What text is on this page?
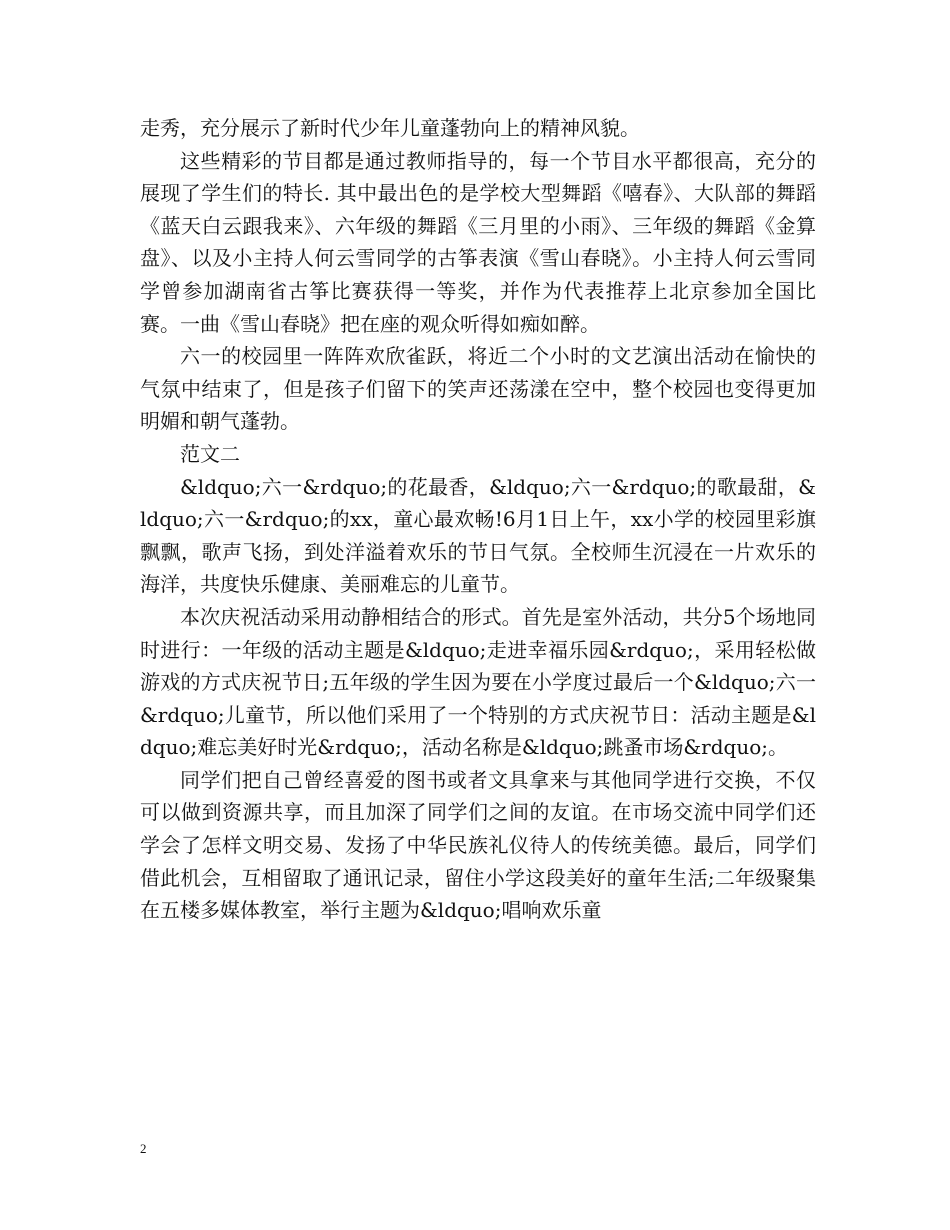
走秀，充分展示了新时代少年儿童蓬勃向上的精神风貌。

这些精彩的节目都是通过教师指导的，每一个节目水平都很高，充分的展现了学生们的特长. 其中最出色的是学校大型舞蹈《嘻春》、大队部的舞蹈《蓝天白云跟我来》、六年级的舞蹈《三月里的小雨》、三年级的舞蹈《金算盘》、以及小主持人何云雪同学的古筝表演《雪山春晓》。小主持人何云雪同学曾参加湖南省古筝比赛获得一等奖，并作为代表推荐上北京参加全国比赛。一曲《雪山春晓》把在座的观众听得如痴如醉。

六一的校园里一阵阵欢欣雀跃，将近二个小时的文艺演出活动在愉快的气氛中结束了，但是孩子们留下的笑声还荡漾在空中，整个校园也变得更加明媚和朝气蓬勃。

范文二

&ldquo;六一&rdquo;的花最香，&ldquo;六一&rdquo;的歌最甜，&ldquo;六一&rdquo;的xx，童心最欢畅!6月1日上午，xx小学的校园里彩旗飘飘，歌声飞扬，到处洋溢着欢乐的节日气氛。全校师生沉浸在一片欢乐的海洋，共度快乐健康、美丽难忘的儿童节。

本次庆祝活动采用动静相结合的形式。首先是室外活动，共分5个场地同时进行：一年级的活动主题是&ldquo;走进幸福乐园&rdquo;，采用轻松做游戏的方式庆祝节日;五年级的学生因为要在小学度过最后一个&ldquo;六一&rdquo;儿童节，所以他们采用了一个特别的方式庆祝节日：活动主题是&ldquo;难忘美好时光&rdquo;，活动名称是&ldquo;跳蚤市场&rdquo;。

同学们把自己曾经喜爱的图书或者文具拿来与其他同学进行交换，不仅可以做到资源共享，而且加深了同学们之间的友谊。在市场交流中同学们还学会了怎样文明交易、发扬了中华民族礼仪待人的传统美德。最后，同学们借此机会，互相留取了通讯记录，留住小学这段美好的童年生活;二年级聚集在五楼多媒体教室，举行主题为&ldquo;唱响欢乐童

2
